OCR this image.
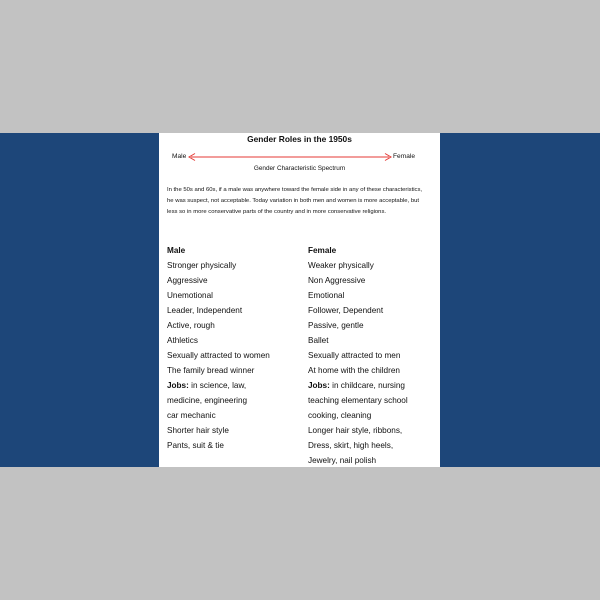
Gender Roles in the 1950s
Male	Female
Gender Characteristic Spectrum
In the 50s and 60s, if a male was anywhere toward the female side in any of these characteristics, he was suspect, not acceptable. Today variation in both men and women is more acceptable, but less so in more conservative parts of the country and in more conservative religions.
Male
Stronger physically
Aggressive
Unemotional
Leader, Independent
Active, rough
Athletics
Sexually attracted to women
The family bread winner
Jobs: in science, law,
medicine, engineering
car mechanic
Shorter hair style
Pants, suit & tie
Female
Weaker physically
Non Aggressive
Emotional
Follower, Dependent
Passive, gentle
Ballet
Sexually attracted to men
At home with the children
Jobs: in childcare, nursing
teaching elementary school
cooking, cleaning
Longer hair style, ribbons,
Dress, skirt, high heels,
Jewelry, nail polish
